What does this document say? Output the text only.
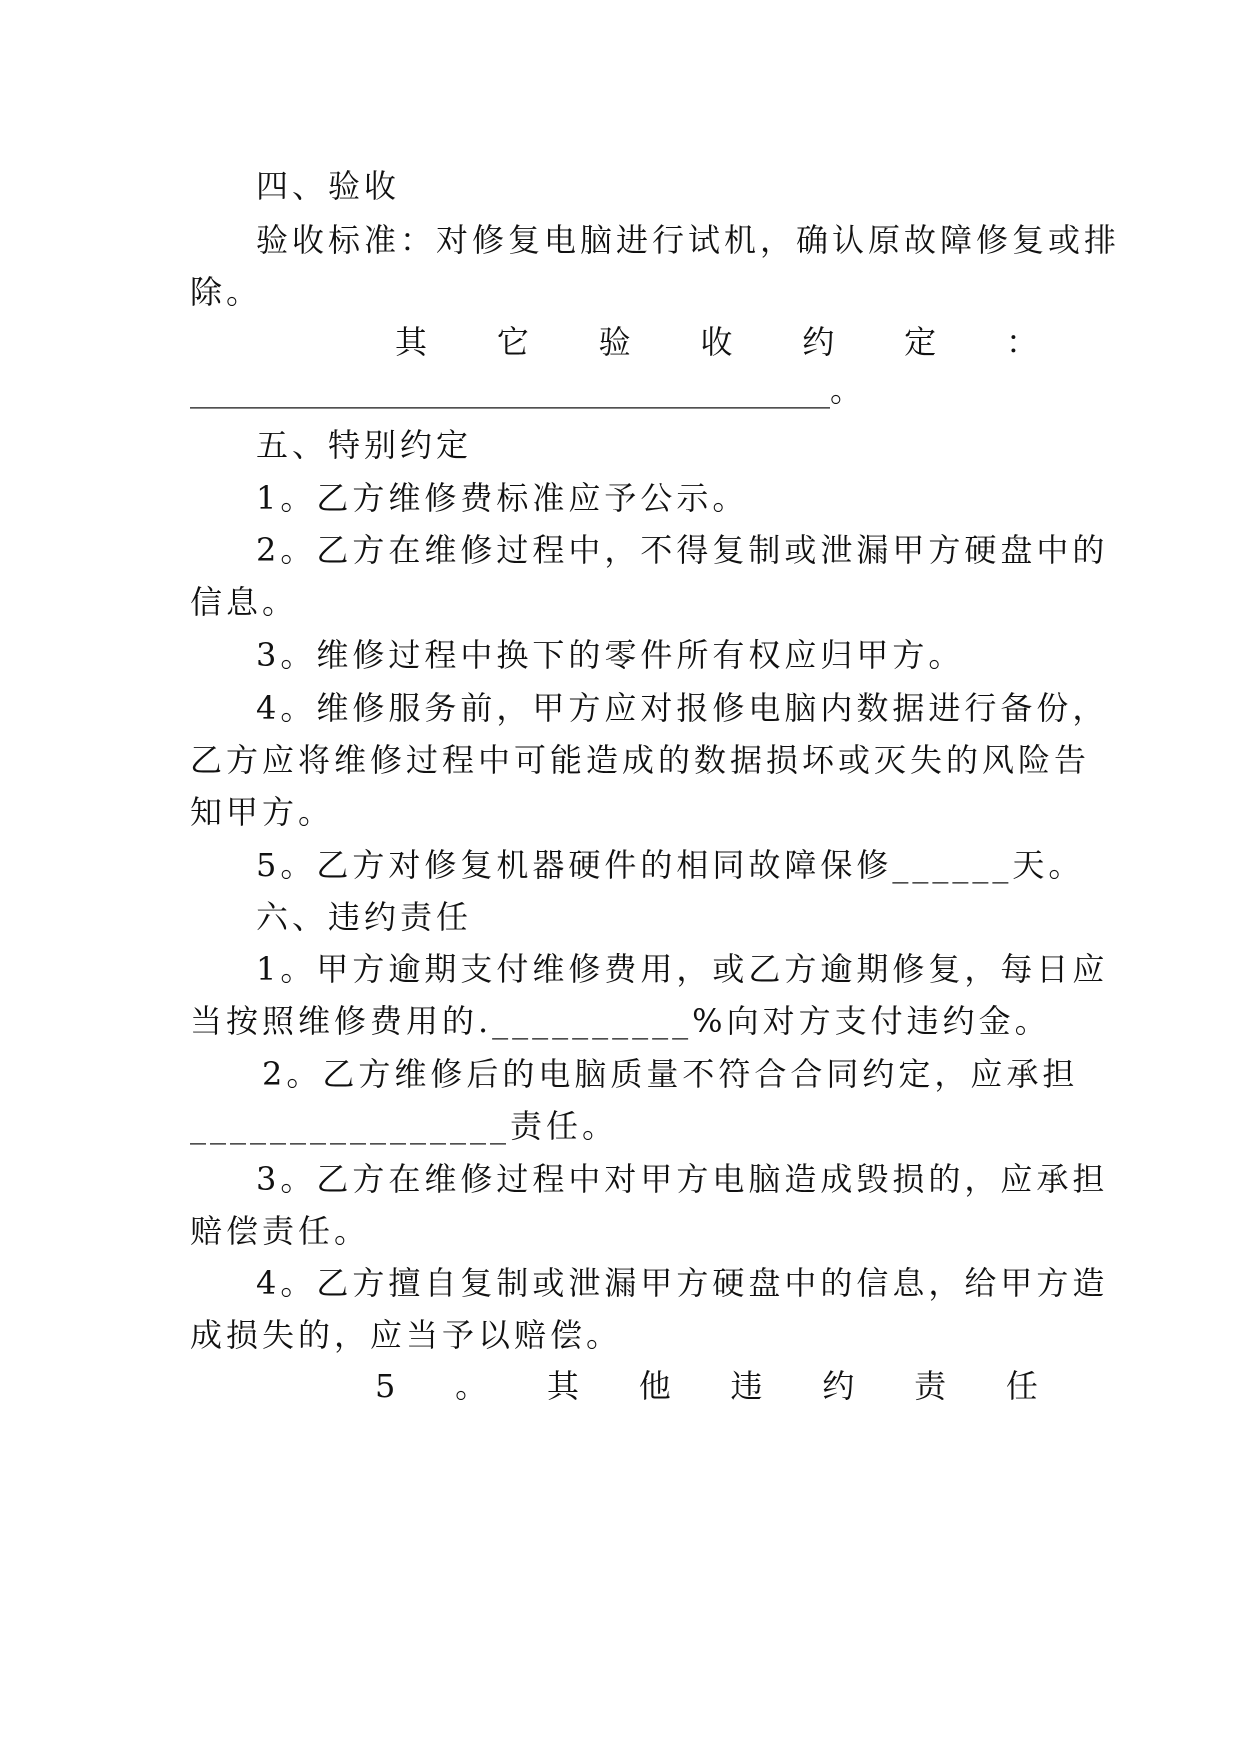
四、验收
验收标准：对修复电脑进行试机，确认原故障修复或排
除。
其 它 验 收 约 定 ：
________________________________________。
五、特别约定
1。乙方维修费标准应予公示。
2。乙方在维修过程中，不得复制或泄漏甲方硬盘中的
信息。
3。维修过程中换下的零件所有权应归甲方。
4。维修服务前，甲方应对报修电脑内数据进行备份，
乙方应将维修过程中可能造成的数据损坏或灭失的风险告
知甲方。
5。乙方对修复机器硬件的相同故障保修______天。
六、违约责任
1。甲方逾期支付维修费用，或乙方逾期修复，每日应
当按照维修费用的.__________%向对方支付违约金。
2。乙方维修后的电脑质量不符合合同约定，应承担
________________责任。
3。乙方在维修过程中对甲方电脑造成毁损的，应承担
赔偿责任。
4。乙方擅自复制或泄漏甲方硬盘中的信息，给甲方造
成损失的，应当予以赔偿。
5 。 其 他 违 约 责 任
